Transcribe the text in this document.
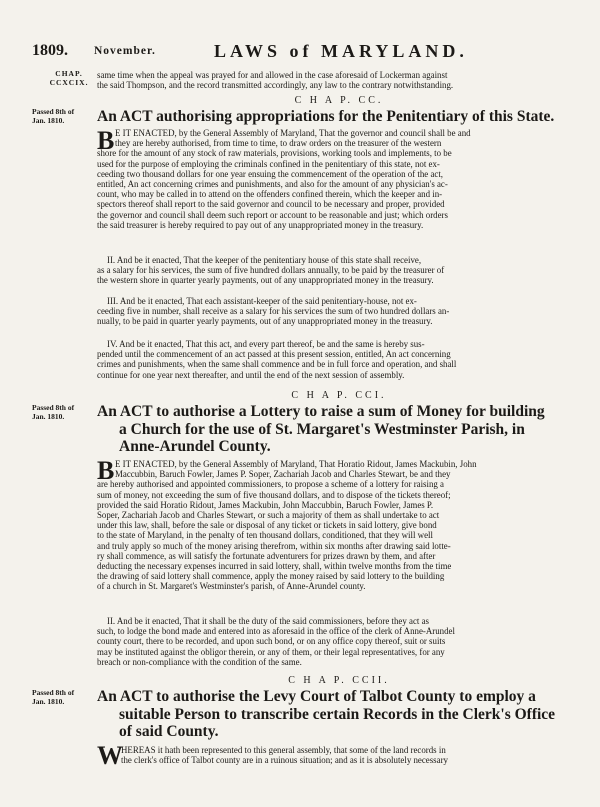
1809. November.	LAWS of MARYLAND.
CHAP.
CCXCIX.
same time when the appeal was prayed for and allowed in the case aforesaid of Lockerman against
the said Thompson, and the record transmitted accordingly, any law to the contrary notwithstanding.
C H A P. CC.
Passed 8th of
Jan. 1810.	An ACT authorising appropriations for the Penitentiary of this State.
B E IT ENACTED, by the General Assembly of Maryland, That the governor and council shall be and
they are hereby authorised, from time to time, to draw orders on the treasurer of the western
shore for the amount of any stock of raw materials, provisions, working tools and implements, to be
used for the purpose of employing the criminals confined in the penitentiary of this state, not ex-
ceeding two thousand dollars for one year ensuing the commencement of the operation of the act,
entitled, An act concerning crimes and punishments, and also for the amount of any physician's ac-
count, who may be called in to attend on the offenders confined therein, which the keeper and in-
spectors thereof shall report to the said governor and council to be necessary and proper, provided
the governor and council shall deem such report or account to be reasonable and just; which orders
the said treasurer is hereby required to pay out of any unappropriated money in the treasury.
II. And be it enacted, That the keeper of the penitentiary house of this state shall receive,
as a salary for his services, the sum of five hundred dollars annually, to be paid by the treasurer of
the western shore in quarter yearly payments, out of any unappropriated money in the treasury.
III. And be it enacted, That each assistant-keeper of the said penitentiary-house, not ex-
ceeding five in number, shall receive as a salary for his services the sum of two hundred dollars an-
nually, to be paid in quarter yearly payments, out of any unappropriated money in the treasury.
IV. And be it enacted, That this act, and every part thereof, be and the same is hereby sus-
pended until the commencement of an act passed at this present session, entitled, An act concerning
crimes and punishments, when the same shall commence and be in full force and operation, and shall
continue for one year next thereafter, and until the end of the next session of assembly.
C H A P. CCI.
Passed 8th of
Jan. 1810.	An ACT to authorise a Lottery to raise a sum of Money for building
a Church for the use of St. Margaret's Westminster Parish, in
Anne-Arundel County.
B E IT ENACTED, by the General Assembly of Maryland, That Horatio Ridout, James Mackubin, John
Maccubbin, Baruch Fowler, James P. Soper, Zachariah Jacob and Charles Stewart, be and they
are hereby authorised and appointed commissioners, to propose a scheme of a lottery for raising a
sum of money, not exceeding the sum of five thousand dollars, and to dispose of the tickets thereof;
provided the said Horatio Ridout, James Mackubin, John Maccubbin, Baruch Fowler, James P.
Soper, Zachariah Jacob and Charles Stewart, or such a majority of them as shall undertake to act
under this law, shall, before the sale or disposal of any ticket or tickets in said lottery, give bond
to the state of Maryland, in the penalty of ten thousand dollars, conditioned, that they will well
and truly apply so much of the money arising therefrom, within six months after drawing said lotte-
ry shall commence, as will satisfy the fortunate adventurers for prizes drawn by them, and after
deducting the necessary expenses incurred in said lottery, shall, within twelve months from the time
the drawing of said lottery shall commence, apply the money raised by said lottery to the building
of a church in St. Margaret's Westminster's parish, of Anne-Arundel county.
II. And be it enacted, That it shall be the duty of the said commissioners, before they act as
such, to lodge the bond made and entered into as aforesaid in the office of the clerk of Anne-Arundel
county court, there to be recorded, and upon such bond, or on any office copy thereof, suit or suits
may be instituted against the obligor therein, or any of them, or their legal representatives, for any
breach or non-compliance with the condition of the same.
C H A P. CCII.
Passed 8th of
Jan. 1810.	An ACT to authorise the Levy Court of Talbot County to employ a
suitable Person to transcribe certain Records in the Clerk's Office
of said County.
W
HEREAS it hath been represented to this general assembly, that some of the land records in
the clerk's office of Talbot county are in a ruinous situation; and as it is absolutely necessary
